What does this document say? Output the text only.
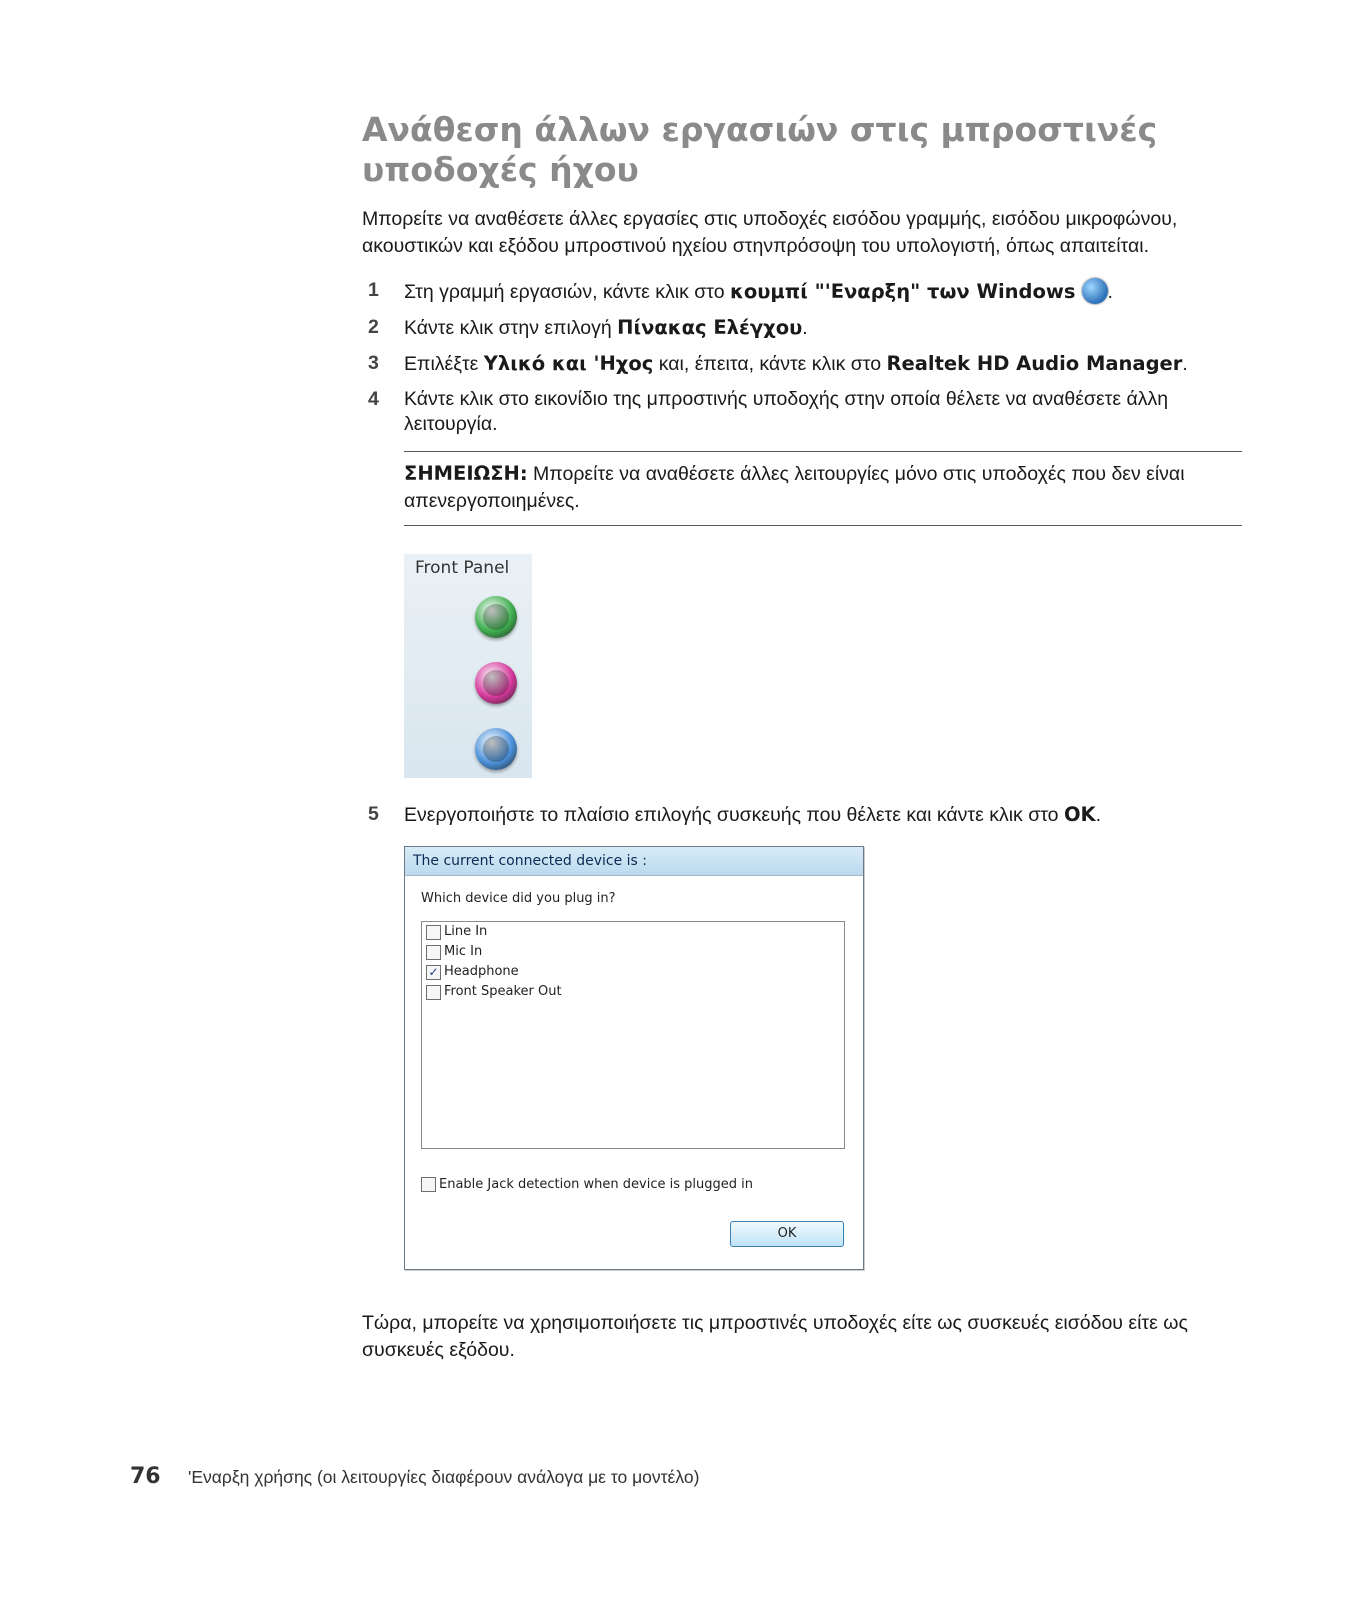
Ανάθεση άλλων εργασιών στις μπροστινές υποδοχές ήχου

Μπορείτε να αναθέσετε άλλες εργασίες στις υποδοχές εισόδου γραμμής, εισόδου μικροφώνου, ακουστικών και εξόδου μπροστινού ηχείου στηνπρόσοψη του υπολογιστή, όπως απαιτείται.

1	Στη γραμμή εργασιών, κάντε κλικ στο κουμπί "'Εναρξη" των Windows .
2	Κάντε κλικ στην επιλογή Πίνακας Ελέγχου.
3	Επιλέξτε Υλικό και 'Ηχος και, έπειτα, κάντε κλικ στο Realtek HD Audio Manager.
4	Κάντε κλικ στο εικονίδιο της μπροστινής υποδοχής στην οποία θέλετε να αναθέσετε άλλη λειτουργία.
ΣΗΜΕΙΩΣΗ: Μπορείτε να αναθέσετε άλλες λειτουργίες μόνο στις υποδοχές που δεν είναι απενεργοποιημένες.
Front Panel
5	Ενεργοποιήστε το πλαίσιο επιλογής συσκευής που θέλετε και κάντε κλικ στο OK.
The current connected device is :
Which device did you plug in?
Line In
Mic In
✓ Headphone
Front Speaker Out
Enable Jack detection when device is plugged in
OK

Τώρα, μπορείτε να χρησιμοποιήσετε τις μπροστινές υποδοχές είτε ως συσκευές εισόδου είτε ως συσκευές εξόδου.

76	'Εναρξη χρήσης (οι λειτουργίες διαφέρουν ανάλογα με το μοντέλο)
